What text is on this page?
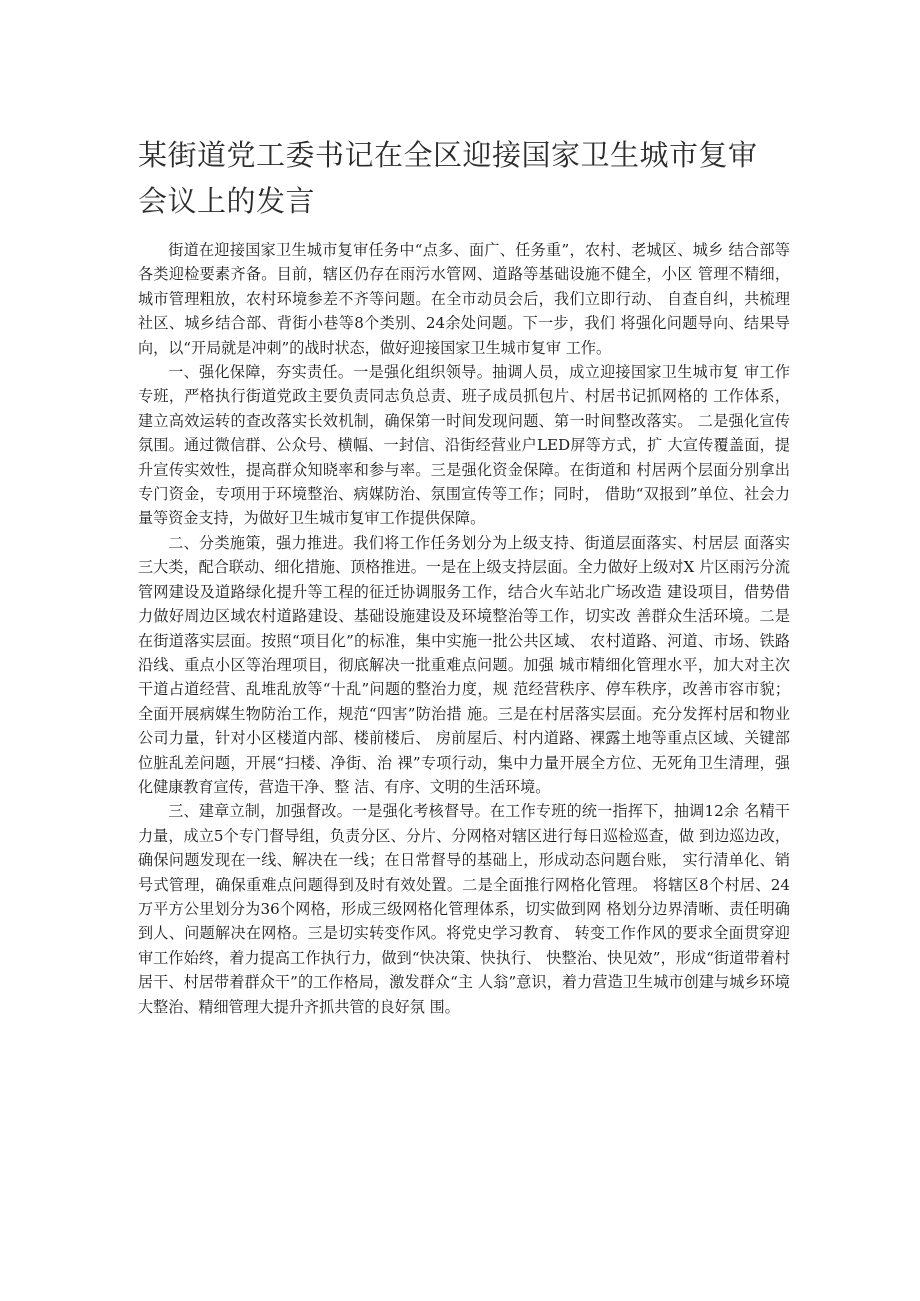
某街道党工委书记在全区迎接国家卫生城市复审会议上的发言

街道在迎接国家卫生城市复审任务中“点多、面广、任务重”，农村、老城区、城乡 结合部等各类迎检要素齐备。目前，辖区仍存在雨污水管网、道路等基础设施不健全，小区 管理不精细，城市管理粗放，农村环境参差不齐等问题。在全市动员会后，我们立即行动、 自查自纠，共梳理社区、城乡结合部、背街小巷等8个类别、24余处问题。下一步，我们 将强化问题导向、结果导向，以“开局就是冲刺”的战时状态，做好迎接国家卫生城市复审 工作。

一、强化保障，夯实责任。一是强化组织领导。抽调人员，成立迎接国家卫生城市复 审工作专班，严格执行街道党政主要负责同志负总责、班子成员抓包片、村居书记抓网格的 工作体系，建立高效运转的查改落实长效机制，确保第一时间发现问题、第一时间整改落实。 二是强化宣传氛围。通过微信群、公众号、横幅、一封信、沿街经营业户LED屏等方式，扩 大宣传覆盖面，提升宣传实效性，提高群众知晓率和参与率。三是强化资金保障。在街道和 村居两个层面分别拿出专门资金，专项用于环境整治、病媒防治、氛围宣传等工作；同时， 借助“双报到”单位、社会力量等资金支持，为做好卫生城市复审工作提供保障。

二、分类施策，强力推进。我们将工作任务划分为上级支持、街道层面落实、村居层 面落实三大类，配合联动、细化措施、顶格推进。一是在上级支持层面。全力做好上级对X 片区雨污分流管网建设及道路绿化提升等工程的征迁协调服务工作，结合火车站北广场改造 建设项目，借势借力做好周边区域农村道路建设、基础设施建设及环境整治等工作，切实改 善群众生活环境。二是在街道落实层面。按照“项目化”的标准，集中实施一批公共区域、 农村道路、河道、市场、铁路沿线、重点小区等治理项目，彻底解决一批重难点问题。加强 城市精细化管理水平，加大对主次干道占道经营、乱堆乱放等“十乱”问题的整治力度，规 范经营秩序、停车秩序，改善市容市貌；全面开展病媒生物防治工作，规范“四害”防治措 施。三是在村居落实层面。充分发挥村居和物业公司力量，针对小区楼道内部、楼前楼后、 房前屋后、村内道路、裸露土地等重点区域、关键部位脏乱差问题，开展“扫楼、净街、治 裸”专项行动，集中力量开展全方位、无死角卫生清理，强化健康教育宣传，营造干净、整 洁、有序、文明的生活环境。

三、建章立制，加强督改。一是强化考核督导。在工作专班的统一指挥下，抽调12余 名精干力量，成立5个专门督导组，负责分区、分片、分网格对辖区进行每日巡检巡查，做 到边巡边改，确保问题发现在一线、解决在一线；在日常督导的基础上，形成动态问题台账， 实行清单化、销号式管理，确保重难点问题得到及时有效处置。二是全面推行网格化管理。 将辖区8个村居、24万平方公里划分为36个网格，形成三级网格化管理体系，切实做到网 格划分边界清晰、责任明确到人、问题解决在网格。三是切实转变作风。将党史学习教育、 转变工作作风的要求全面贯穿迎审工作始终，着力提高工作执行力，做到“快决策、快执行、 快整治、快见效”，形成“街道带着村居干、村居带着群众干”的工作格局，激发群众“主 人翁”意识，着力营造卫生城市创建与城乡环境大整治、精细管理大提升齐抓共管的良好氛 围。
